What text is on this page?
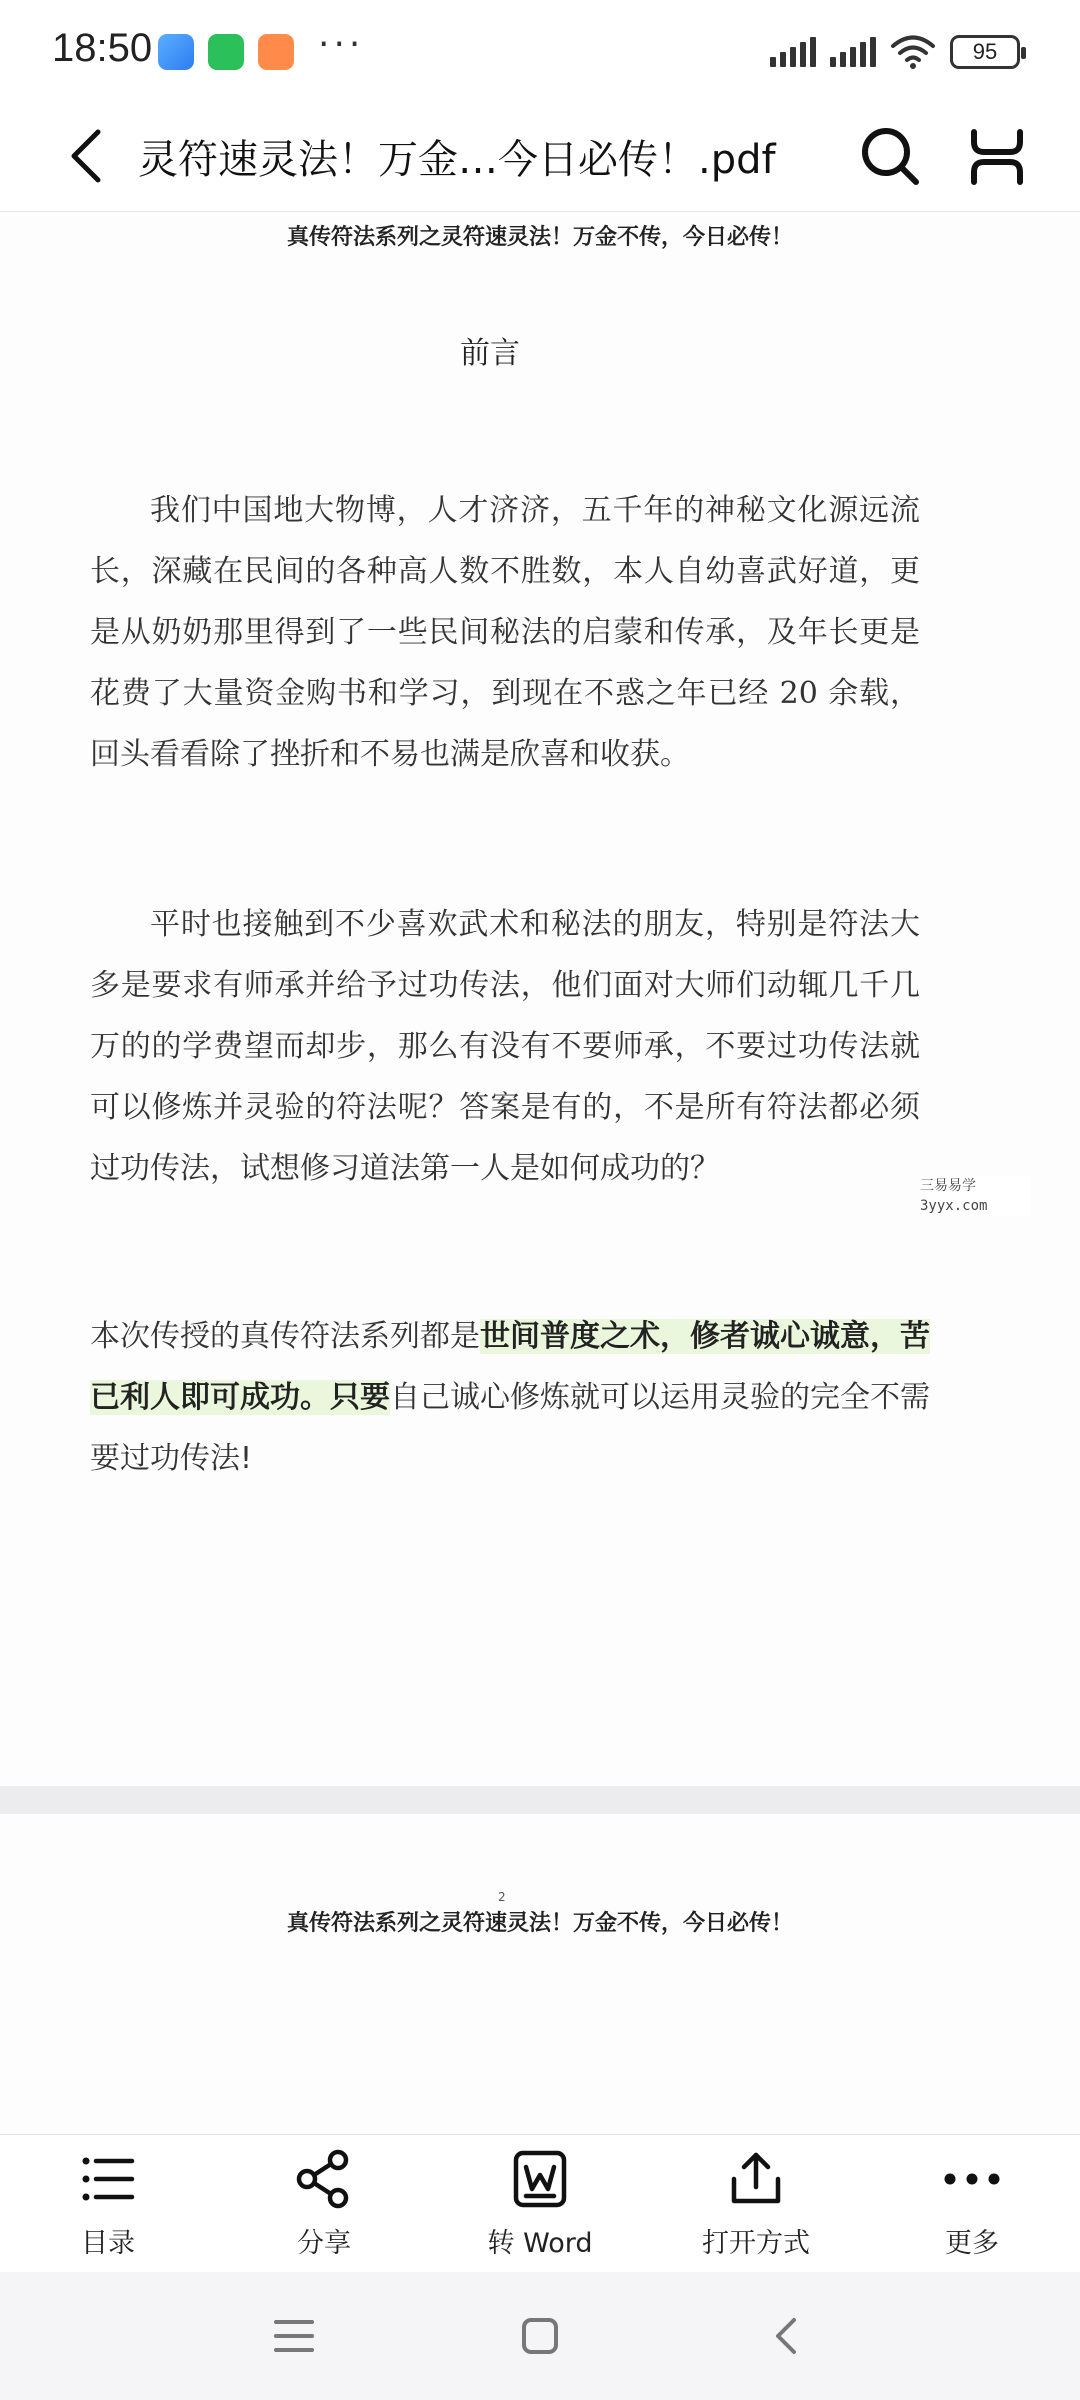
18:50	···	95
灵符速灵法！万金…今日必传！.pdf
真传符法系列之灵符速灵法！万金不传，今日必传！
前言
我们中国地大物博，人才济济，五千年的神秘文化源远流长，深藏在民间的各种高人数不胜数，本人自幼喜武好道，更是从奶奶那里得到了一些民间秘法的启蒙和传承，及年长更是花费了大量资金购书和学习，到现在不惑之年已经 20 余载，回头看看除了挫折和不易也满是欣喜和收获。
平时也接触到不少喜欢武术和秘法的朋友，特别是符法大多是要求有师承并给予过功传法，他们面对大师们动辄几千几万的的学费望而却步，那么有没有不要师承，不要过功传法就可以修炼并灵验的符法呢？答案是有的，不是所有符法都必须过功传法，试想修习道法第一人是如何成功的？	三易易学
3yyx.com
本次传授的真传符法系列都是世间普度之术，修者诚心诚意，苦已利人即可成功。只要自己诚心修炼就可以运用灵验的完全不需要过功传法!
2
真传符法系列之灵符速灵法！万金不传，今日必传！
目录	分享	转 Word	打开方式	更多
